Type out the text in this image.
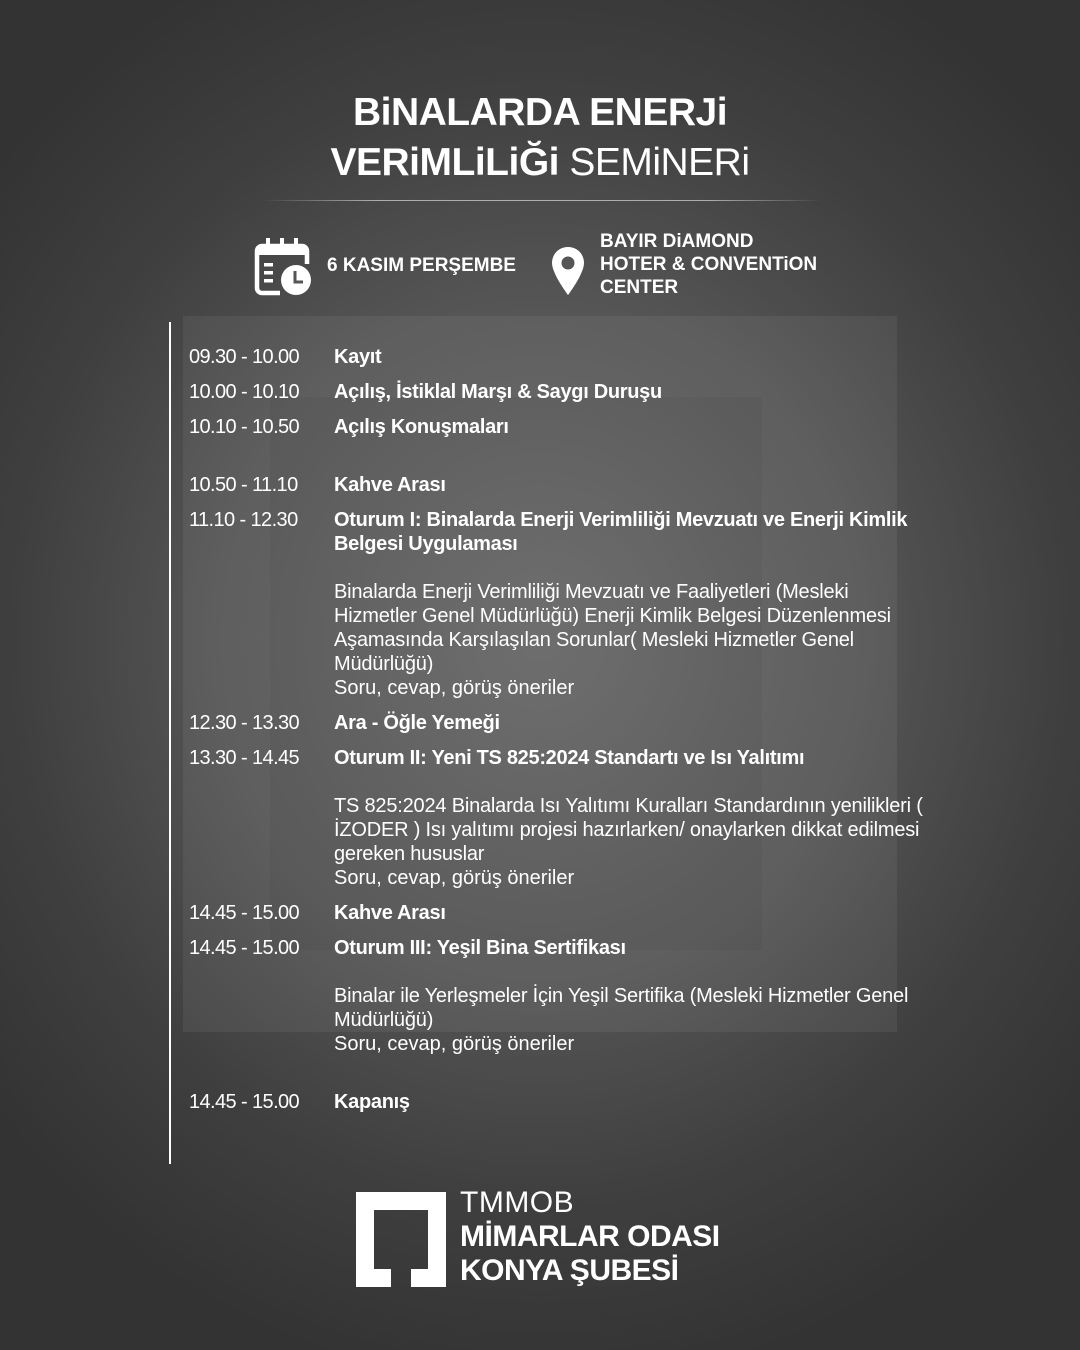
BiNALARDA ENERJi
VERiMLiLiĞi SEMiNERi
6 KASIM PERŞEMBE
BAYIR DiAMOND
HOTER & CONVENTiON
CENTER
09.30 - 10.00	Kayıt
10.00 - 10.10	Açılış, İstiklal Marşı & Saygı Duruşu
10.10 - 10.50	Açılış Konuşmaları
10.50 - 11.10	Kahve Arası
11.10 - 12.30	Oturum I: Binalarda Enerji Verimliliği Mevzuatı ve Enerji Kimlik Belgesi Uygulaması
Binalarda Enerji Verimliliği Mevzuatı ve Faaliyetleri (Mesleki Hizmetler Genel Müdürlüğü) Enerji Kimlik Belgesi Düzenlenmesi Aşamasında Karşılaşılan Sorunlar( Mesleki Hizmetler Genel Müdürlüğü)
Soru, cevap, görüş öneriler
12.30 - 13.30	Ara - Öğle Yemeği
13.30 - 14.45	Oturum II: Yeni TS 825:2024 Standartı ve Isı Yalıtımı
TS 825:2024 Binalarda Isı Yalıtımı Kuralları Standardının yenilikleri ( İZODER ) Isı yalıtımı projesi hazırlarken/ onaylarken dikkat edilmesi gereken hususlar
Soru, cevap, görüş öneriler
14.45 - 15.00	Kahve Arası
14.45 - 15.00	Oturum III: Yeşil Bina Sertifikası
Binalar ile Yerleşmeler İçin Yeşil Sertifika (Mesleki Hizmetler Genel Müdürlüğü)
Soru, cevap, görüş öneriler
14.45 - 15.00	Kapanış
TMMOB
MİMARLAR ODASI
KONYA ŞUBESİ
